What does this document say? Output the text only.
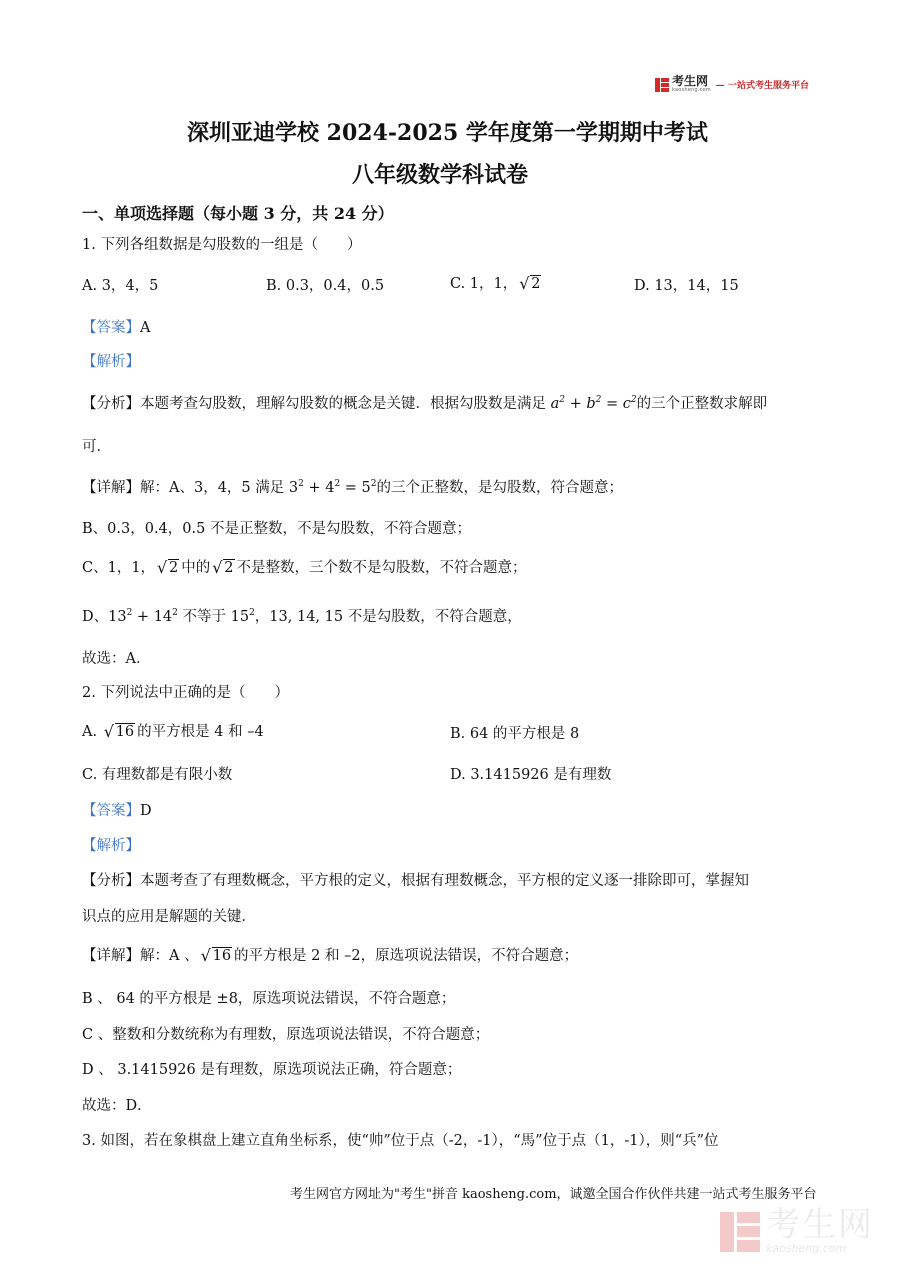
考生网
kaosheng.com — 一站式考生服务平台
深圳亚迪学校 2024-2025 学年度第一学期期中考试
八年级数学科试卷
一、单项选择题（每小题 3 分，共 24 分）
1. 下列各组数据是勾股数的一组是（　　）
A. 3，4，5	B. 0.3，0.4，0.5	C. 1，1， √ 2	D. 13，14，15
【答案】A
【解析】
【分析】本题考查勾股数，理解勾股数的概念是关键．根据勾股数是满足 $a^2 + b^2 = c^2$的三个正整数求解即
可．
【详解】解：A、3，4，5 满足 $3^2 + 4^2 = 5^2$的三个正整数，是勾股数，符合题意；
B、0.3，0.4，0.5 不是正整数，不是勾股数，不符合题意；
C、1，1， √ 2 中的 √ 2 不是整数，三个数不是勾股数，不符合题意；
D、$13^2 + 14^2$ 不等于 $15^2$，13, 14, 15 不是勾股数，不符合题意，
故选：A．
2. 下列说法中正确的是（　　）
A. √ 16 的平方根是 4 和 –4	B. 64 的平方根是 8
C. 有理数都是有限小数	D. 3.1415926 是有理数
【答案】D
【解析】
【分析】本题考查了有理数概念，平方根的定义，根据有理数概念，平方根的定义逐一排除即可，掌握知
识点的应用是解题的关键．
【详解】解：A 、 √ 16 的平方根是 2 和 –2，原选项说法错误，不符合题意；
B 、 64 的平方根是 ±8，原选项说法错误，不符合题意；
C 、整数和分数统称为有理数，原选项说法错误，不符合题意；
D 、 3.1415926 是有理数，原选项说法正确，符合题意；
故选：D．
3. 如图，若在象棋盘上建立直角坐标系，使“帅”位于点（-2，-1），“馬”位于点（1，-1），则“兵”位
考生网官方网址为"考生"拼音 kaosheng.com，诚邀全国合作伙伴共建一站式考生服务平台
考生网
kaosheng.com
